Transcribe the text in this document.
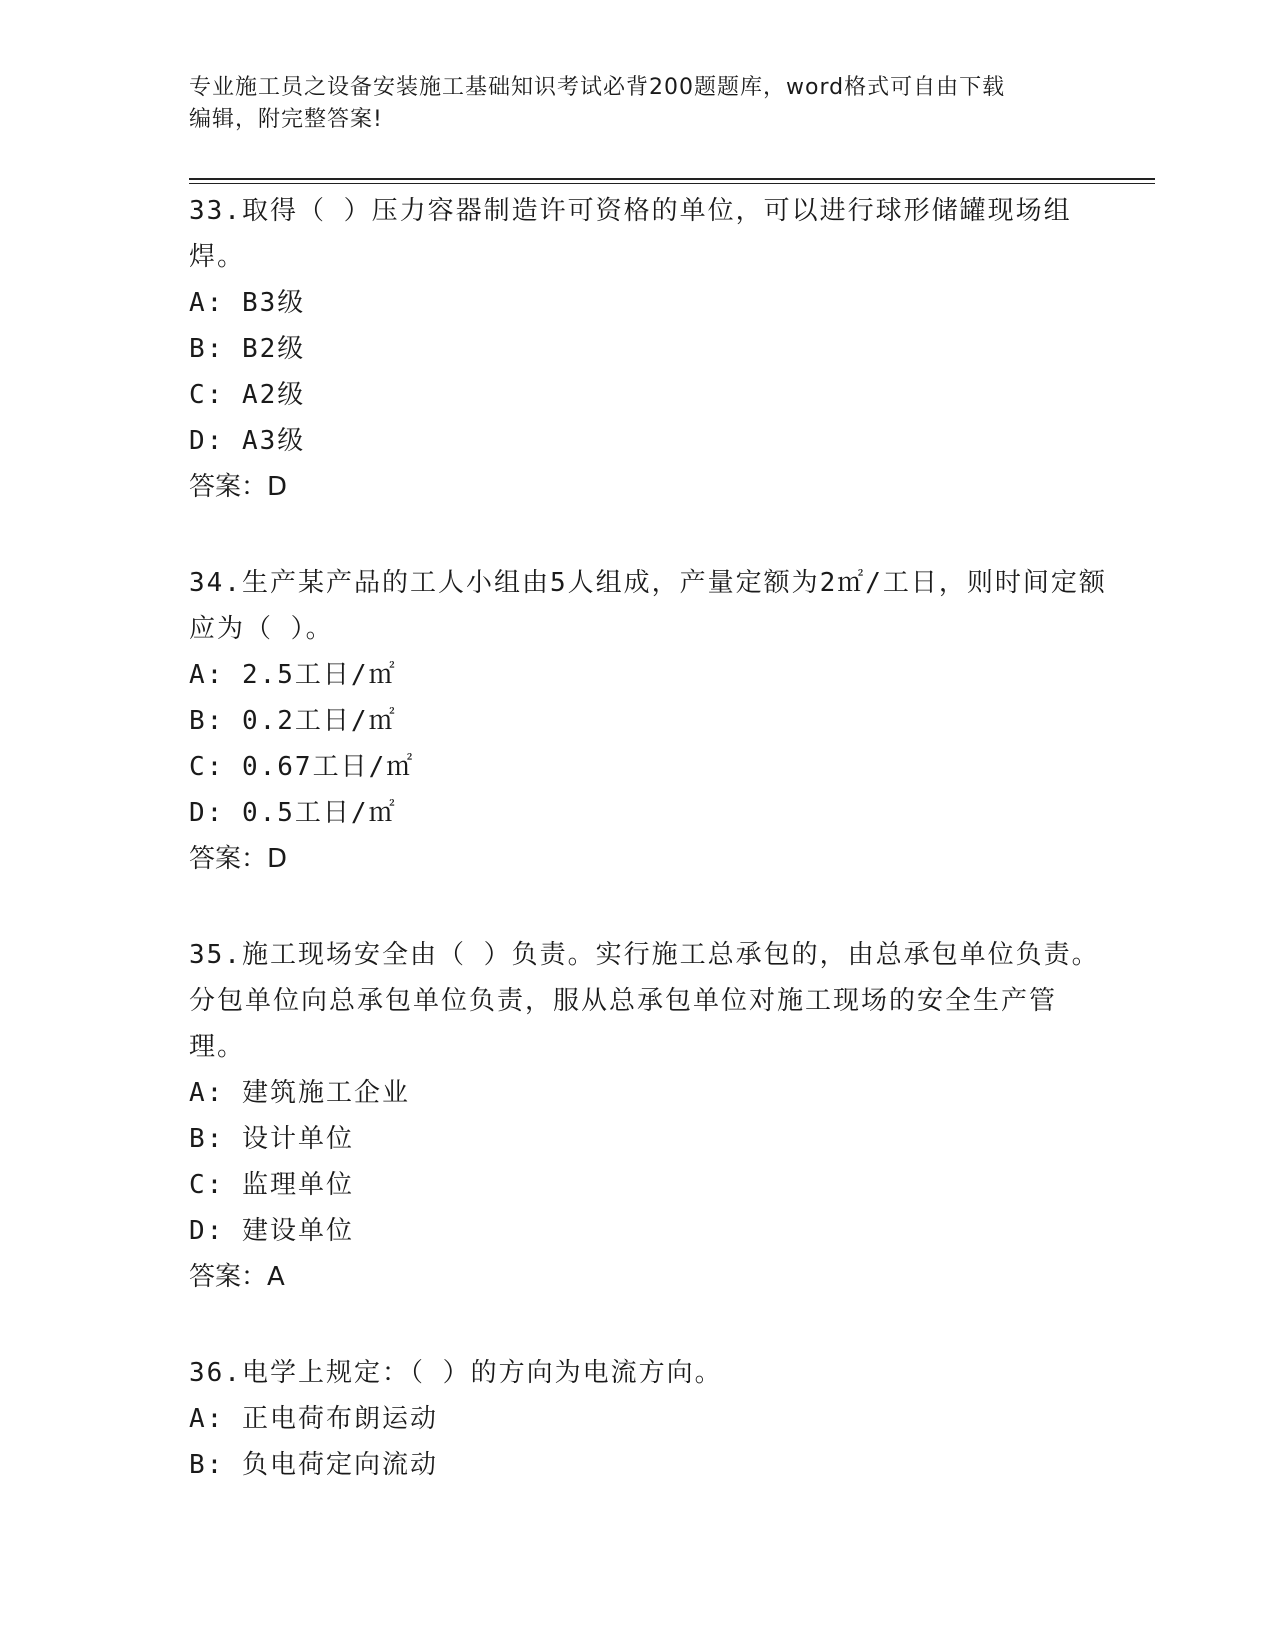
专业施工员之设备安装施工基础知识考试必背200题题库，word格式可自由下载
编辑，附完整答案!
33.取得（ ）压力容器制造许可资格的单位，可以进行球形储罐现场组焊。
A: B3级
B: B2级
C: A2级
D: A3级
答案：D
34.生产某产品的工人小组由5人组成，产量定额为2㎡/工日，则时间定额应为（ ）。
A: 2.5工日/㎡
B: 0.2工日/㎡
C: 0.67工日/㎡
D: 0.5工日/㎡
答案：D
35.施工现场安全由（ ）负责。实行施工总承包的，由总承包单位负责。分包单位向总承包单位负责，服从总承包单位对施工现场的安全生产管理。
A: 建筑施工企业
B: 设计单位
C: 监理单位
D: 建设单位
答案：A
36.电学上规定：（ ）的方向为电流方向。
A: 正电荷布朗运动
B: 负电荷定向流动
